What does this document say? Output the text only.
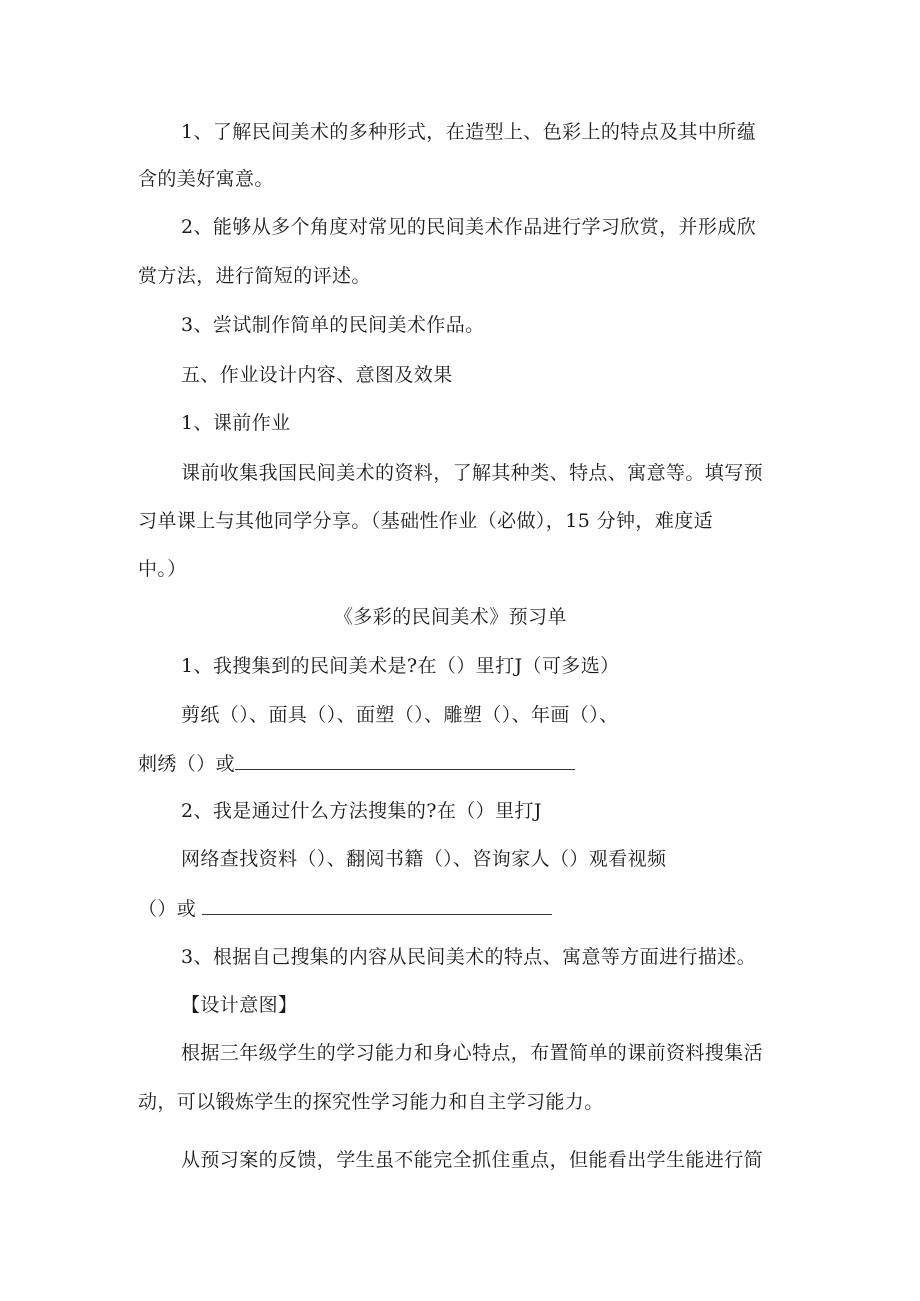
1、了解民间美术的多种形式，在造型上、色彩上的特点及其中所蕴
含的美好寓意。
2、能够从多个角度对常见的民间美术作品进行学习欣赏，并形成欣
赏方法，进行简短的评述。
3、尝试制作简单的民间美术作品。
五、作业设计内容、意图及效果
1、课前作业
课前收集我国民间美术的资料，了解其种类、特点、寓意等。填写预
习单课上与其他同学分享。（基础性作业（必做），15 分钟，难度适
中。）
《多彩的民间美术》预习单
1、我搜集到的民间美术是?在（）里打J（可多选）
剪纸（）、面具（）、面塑（）、雕塑（）、年画（）、
刺绣（）或
2、我是通过什么方法搜集的?在（）里打J
网络查找资料（）、翻阅书籍（）、咨询家人（）观看视频
（）或
3、根据自己搜集的内容从民间美术的特点、寓意等方面进行描述。
【设计意图】
根据三年级学生的学习能力和身心特点，布置简单的课前资料搜集活
动，可以锻炼学生的探究性学习能力和自主学习能力。
从预习案的反馈，学生虽不能完全抓住重点，但能看出学生能进行简
